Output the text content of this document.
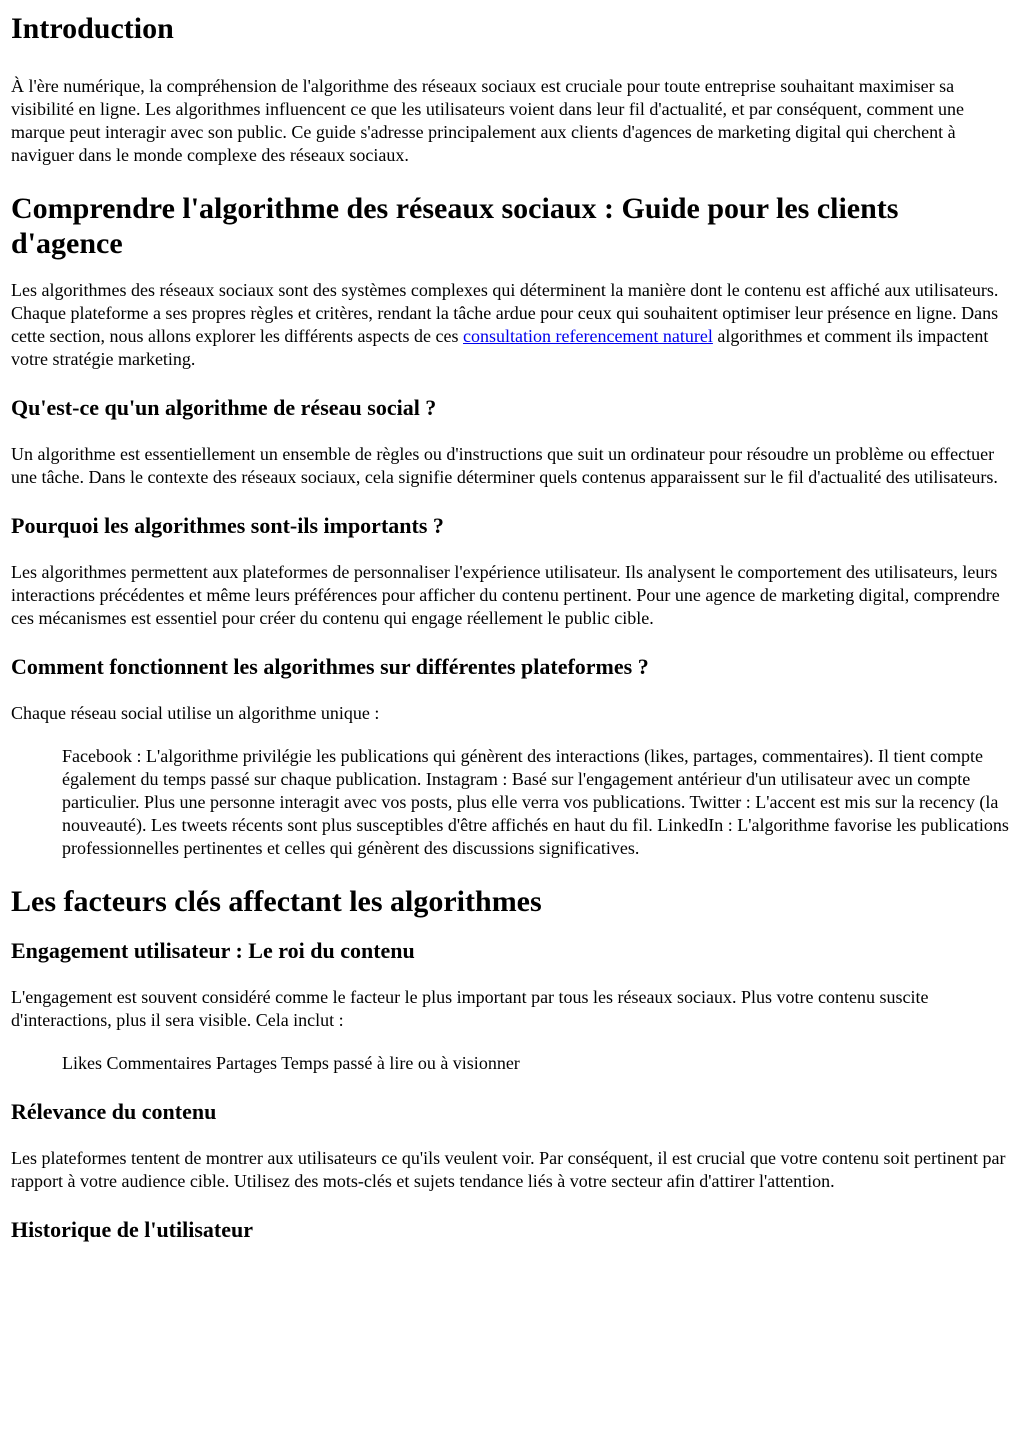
Introduction

À l'ère numérique, la compréhension de l'algorithme des réseaux sociaux est cruciale pour toute entreprise souhaitant maximiser sa visibilité en ligne. Les algorithmes influencent ce que les utilisateurs voient dans leur fil d'actualité, et par conséquent, comment une marque peut interagir avec son public. Ce guide s'adresse principalement aux clients d'agences de marketing digital qui cherchent à naviguer dans le monde complexe des réseaux sociaux.

Comprendre l'algorithme des réseaux sociaux : Guide pour les clients d'agence

Les algorithmes des réseaux sociaux sont des systèmes complexes qui déterminent la manière dont le contenu est affiché aux utilisateurs. Chaque plateforme a ses propres règles et critères, rendant la tâche ardue pour ceux qui souhaitent optimiser leur présence en ligne. Dans cette section, nous allons explorer les différents aspects de ces consultation referencement naturel algorithmes et comment ils impactent votre stratégie marketing.

Qu'est-ce qu'un algorithme de réseau social ?

Un algorithme est essentiellement un ensemble de règles ou d'instructions que suit un ordinateur pour résoudre un problème ou effectuer une tâche. Dans le contexte des réseaux sociaux, cela signifie déterminer quels contenus apparaissent sur le fil d'actualité des utilisateurs.

Pourquoi les algorithmes sont-ils importants ?

Les algorithmes permettent aux plateformes de personnaliser l'expérience utilisateur. Ils analysent le comportement des utilisateurs, leurs interactions précédentes et même leurs préférences pour afficher du contenu pertinent. Pour une agence de marketing digital, comprendre ces mécanismes est essentiel pour créer du contenu qui engage réellement le public cible.

Comment fonctionnent les algorithmes sur différentes plateformes ?

Chaque réseau social utilise un algorithme unique :

Facebook : L'algorithme privilégie les publications qui génèrent des interactions (likes, partages, commentaires). Il tient compte également du temps passé sur chaque publication. Instagram : Basé sur l'engagement antérieur d'un utilisateur avec un compte particulier. Plus une personne interagit avec vos posts, plus elle verra vos publications. Twitter : L'accent est mis sur la recency (la nouveauté). Les tweets récents sont plus susceptibles d'être affichés en haut du fil. LinkedIn : L'algorithme favorise les publications professionnelles pertinentes et celles qui génèrent des discussions significatives.
Les facteurs clés affectant les algorithmes
Engagement utilisateur : Le roi du contenu

L'engagement est souvent considéré comme le facteur le plus important par tous les réseaux sociaux. Plus votre contenu suscite d'interactions, plus il sera visible. Cela inclut :

Likes Commentaires Partages Temps passé à lire ou à visionner
Rélevance du contenu

Les plateformes tentent de montrer aux utilisateurs ce qu'ils veulent voir. Par conséquent, il est crucial que votre contenu soit pertinent par rapport à votre audience cible. Utilisez des mots-clés et sujets tendance liés à votre secteur afin d'attirer l'attention.

Historique de l'utilisateur
